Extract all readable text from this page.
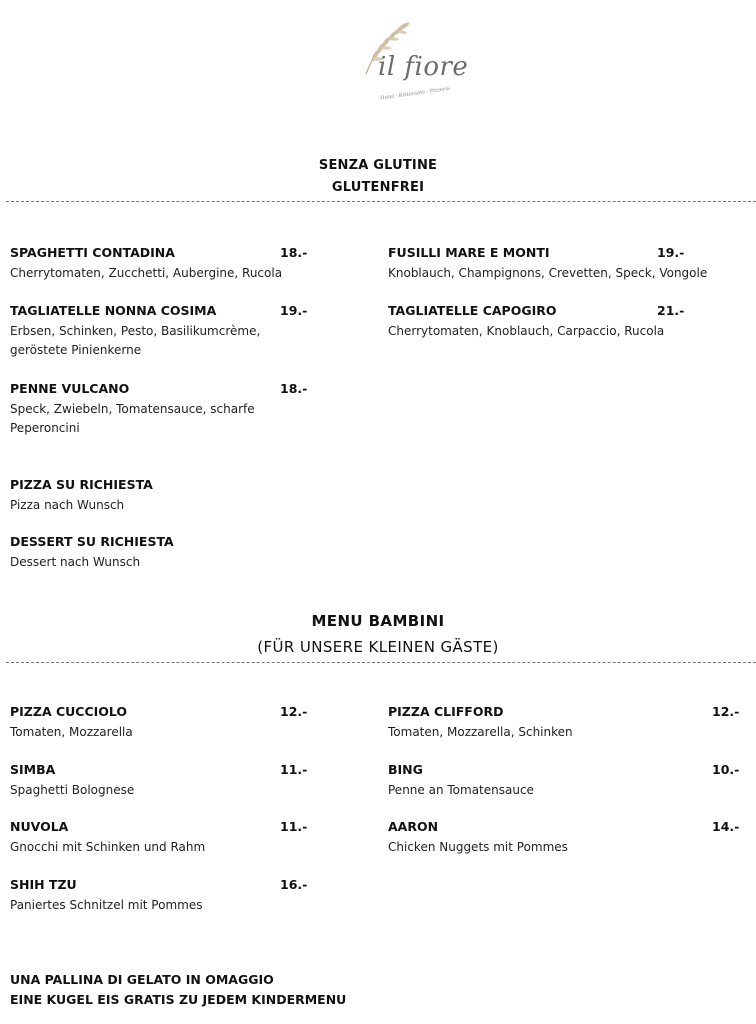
il fiore
Hotel · Ristorante · Pizzeria
SENZA GLUTINE
GLUTENFREI
SPAGHETTI CONTADINA	18.-
Cherrytomaten, Zucchetti, Aubergine, Rucola
TAGLIATELLE NONNA COSIMA	19.-
Erbsen, Schinken, Pesto, Basilikumcrème, geröstete Pinienkerne
PENNE VULCANO	18.-
Speck, Zwiebeln, Tomatensauce, scharfe Peperoncini
FUSILLI MARE E MONTI	19.-
Knoblauch, Champignons, Crevetten, Speck, Vongole
TAGLIATELLE CAPOGIRO	21.-
Cherrytomaten, Knoblauch, Carpaccio, Rucola
PIZZA SU RICHIESTA
Pizza nach Wunsch
DESSERT SU RICHIESTA
Dessert nach Wunsch
MENU BAMBINI
(FÜR UNSERE KLEINEN GÄSTE)
PIZZA CUCCIOLO	12.-
Tomaten, Mozzarella
SIMBA	11.-
Spaghetti Bolognese
NUVOLA	11.-
Gnocchi mit Schinken und Rahm
SHIH TZU	16.-
Paniertes Schnitzel mit Pommes
PIZZA CLIFFORD	12.-
Tomaten, Mozzarella, Schinken
BING	10.-
Penne an Tomatensauce
AARON	14.-
Chicken Nuggets mit Pommes
UNA PALLINA DI GELATO IN OMAGGIO
EINE KUGEL EIS GRATIS ZU JEDEM KINDERMENU
